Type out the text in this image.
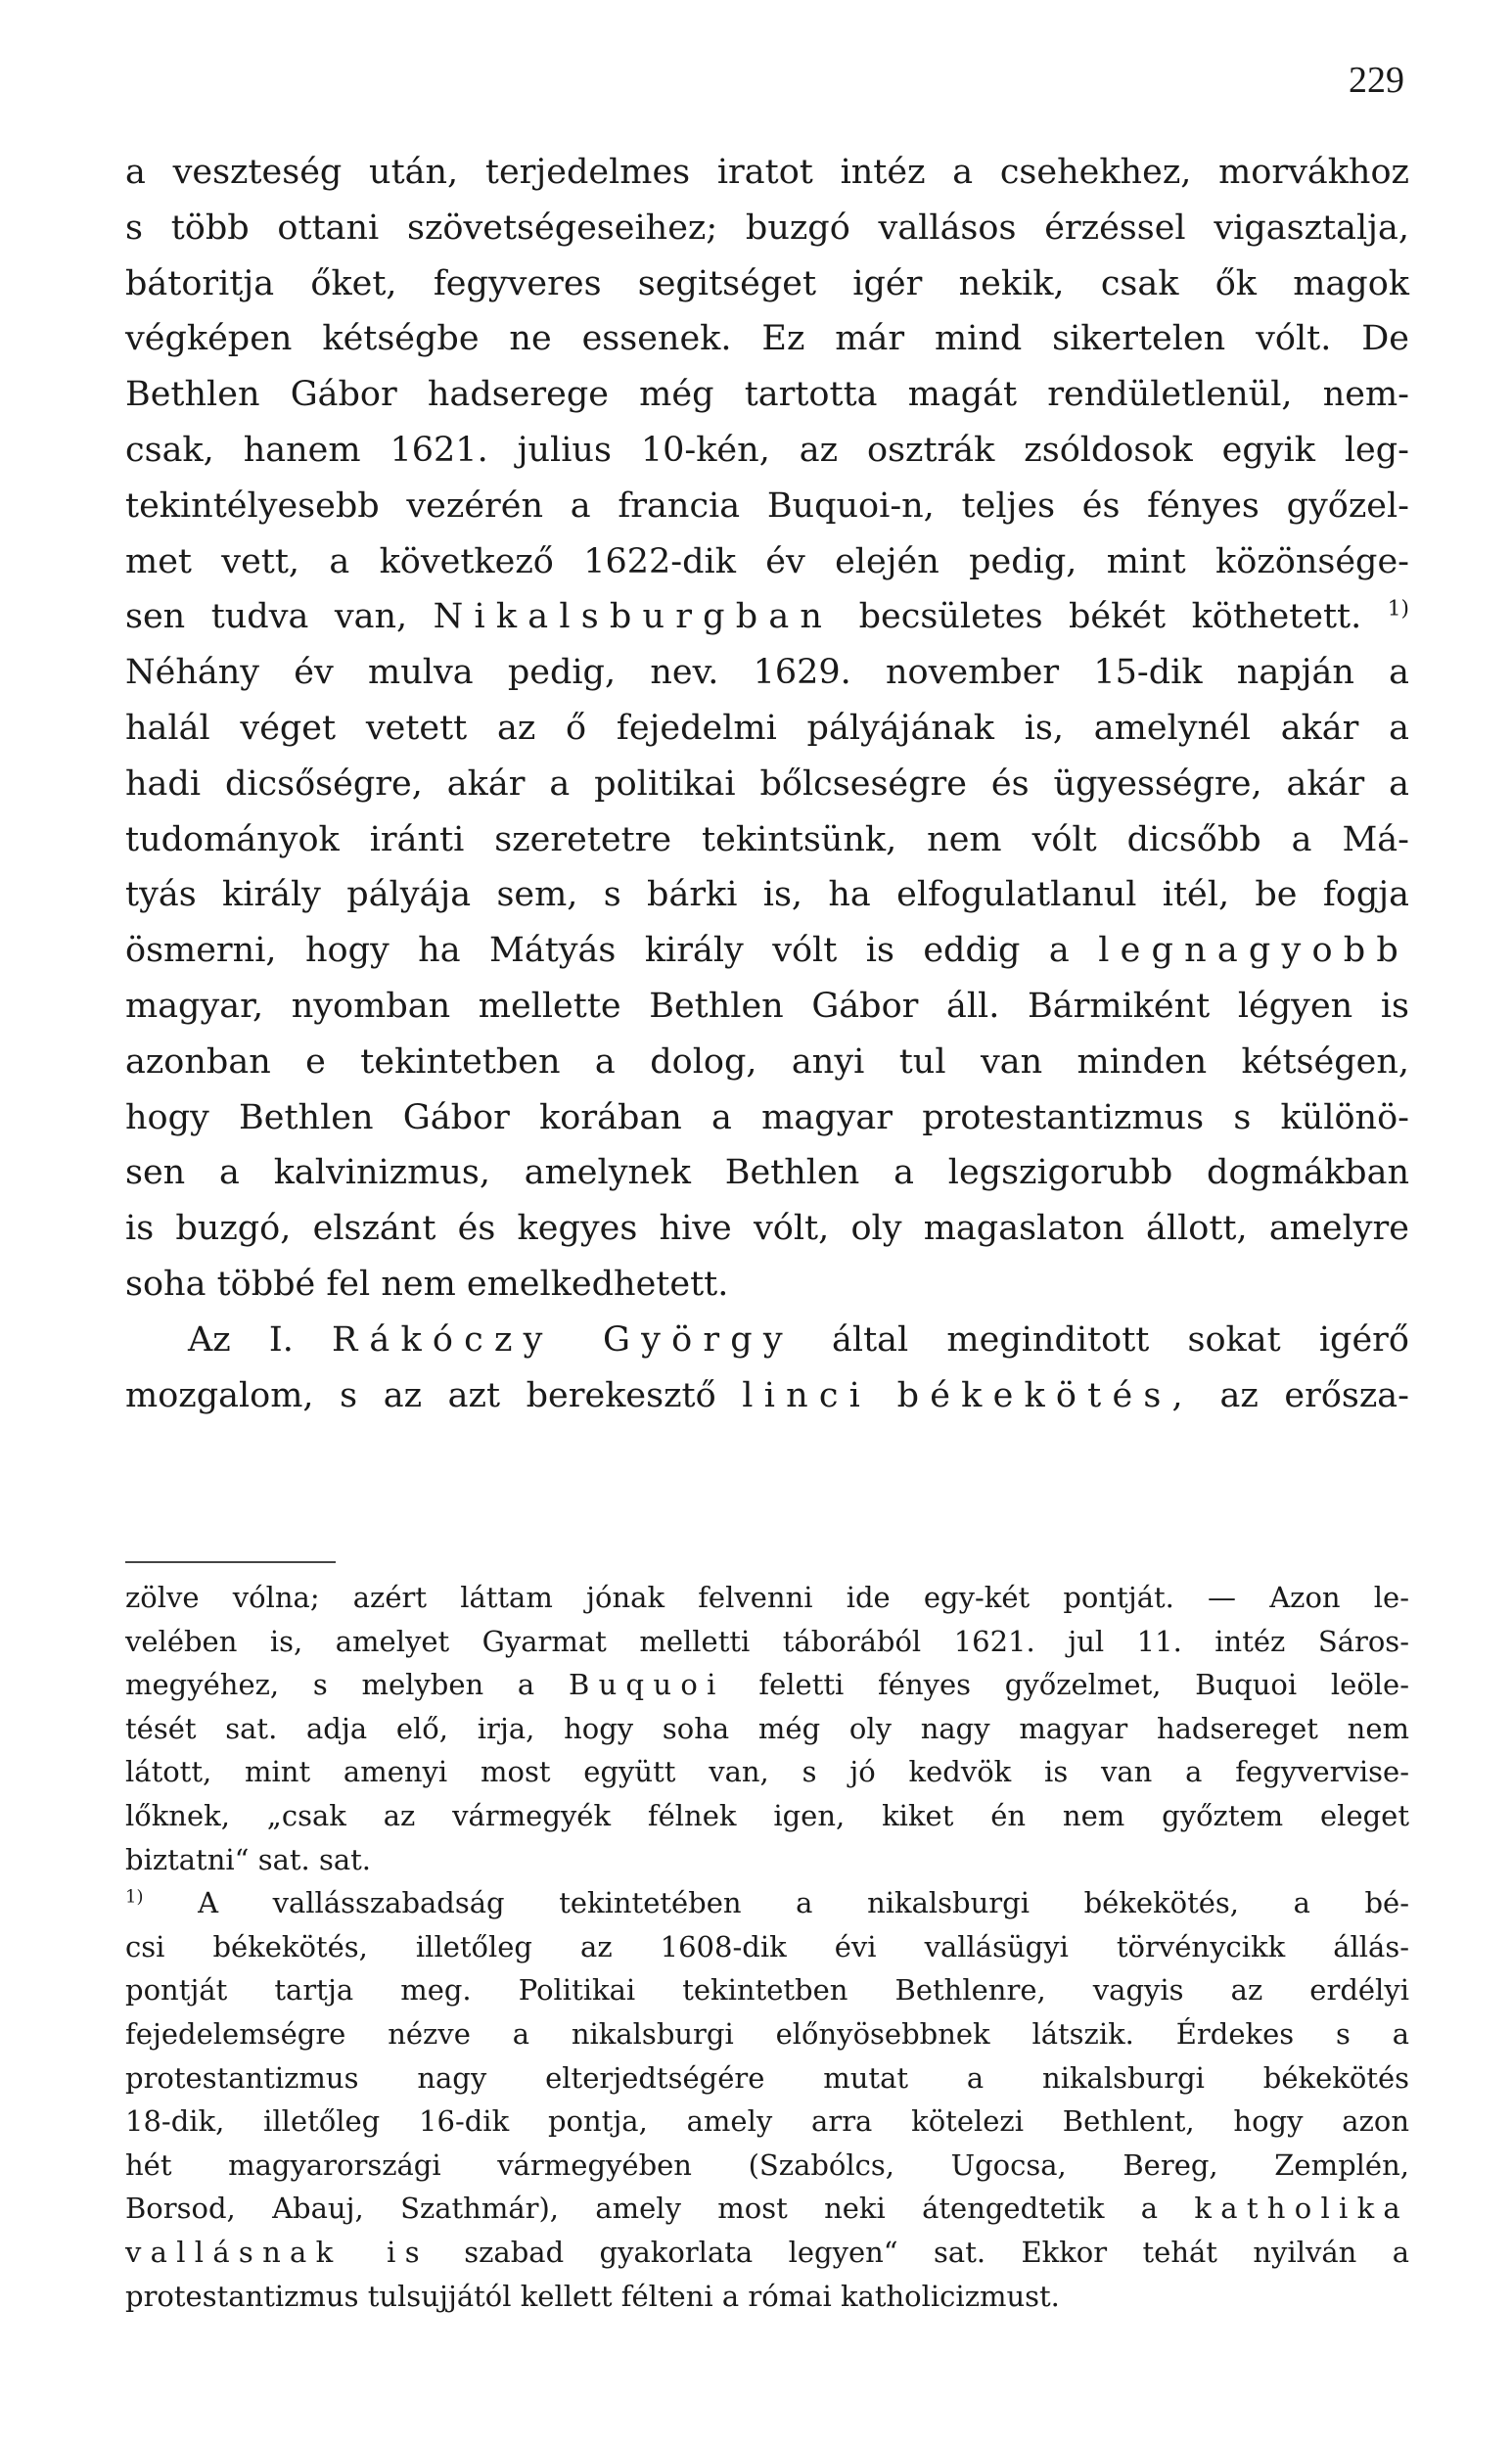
229
a veszteség után, terjedelmes iratot intéz a csehekhez, morvákhoz
s több ottani szövetségeseihez; buzgó vallásos érzéssel vigasztalja,
bátoritja őket, fegyveres segitséget igér nekik, csak ők magok
végképen kétségbe ne essenek. Ez már mind sikertelen vólt. De
Bethlen Gábor hadserege még tartotta magát rendületlenül, nem-
csak, hanem 1621. julius 10-kén, az osztrák zsóldosok egyik leg-
tekintélyesebb vezérén a francia Buquoi-n, teljes és fényes győzel-
met vett, a következő 1622-dik év elején pedig, mint közönsége-
sen tudva van, Nikalsburgban becsületes békét köthetett. $^{1)}$
Néhány év mulva pedig, nev. 1629. november 15-dik napján a
halál véget vetett az ő fejedelmi pályájának is, amelynél akár a
hadi dicsőségre, akár a politikai bőlcseségre és ügyességre, akár a
tudományok iránti szeretetre tekintsünk, nem vólt dicsőbb a Má-
tyás király pályája sem, s bárki is, ha elfogulatlanul itél, be fogja
ösmerni, hogy ha Mátyás király vólt is eddig a legnagyobb
magyar, nyomban mellette Bethlen Gábor áll. Bármiként légyen is
azonban e tekintetben a dolog, anyi tul van minden kétségen,
hogy Bethlen Gábor korában a magyar protestantizmus s különö-
sen a kalvinizmus, amelynek Bethlen a legszigorubb dogmákban
is buzgó, elszánt és kegyes hive vólt, oly magaslaton állott, amelyre
soha többé fel nem emelkedhetett.
Az I. Rákóczy György által meginditott sokat igérő
mozgalom, s az azt berekesztő linci békekötés, az erősza-
zölve vólna; azért láttam jónak felvenni ide egy-két pontját. — Azon le-
velében is, amelyet Gyarmat melletti táborából 1621. jul 11. intéz Sáros-
megyéhez, s melyben a Buquoi feletti fényes győzelmet, Buquoi leöle-
tését sat. adja elő, irja, hogy soha még oly nagy magyar hadsereget nem
látott, mint amenyi most együtt van, s jó kedvök is van a fegyvervise-
lőknek, „csak az vármegyék félnek igen, kiket én nem győztem eleget
biztatni“ sat. sat.
$^{1)}$ A vallásszabadság tekintetében a nikalsburgi békekötés, a bé-
csi békekötés, illetőleg az 1608-dik évi vallásügyi törvénycikk állás-
pontját tartja meg. Politikai tekintetben Bethlenre, vagyis az erdélyi
fejedelemségre nézve a nikalsburgi előnyösebbnek látszik. Érdekes s a
protestantizmus nagy elterjedtségére mutat a nikalsburgi békekötés
18-dik, illetőleg 16-dik pontja, amely arra kötelezi Bethlent, hogy azon
hét magyarországi vármegyében (Szabólcs, Ugocsa, Bereg, Zemplén,
Borsod, Abauj, Szathmár), amely most neki átengedtetik a katholika
vallásnak is szabad gyakorlata legyen“ sat. Ekkor tehát nyilván a
protestantizmus tulsujjától kellett félteni a római katholicizmust.
